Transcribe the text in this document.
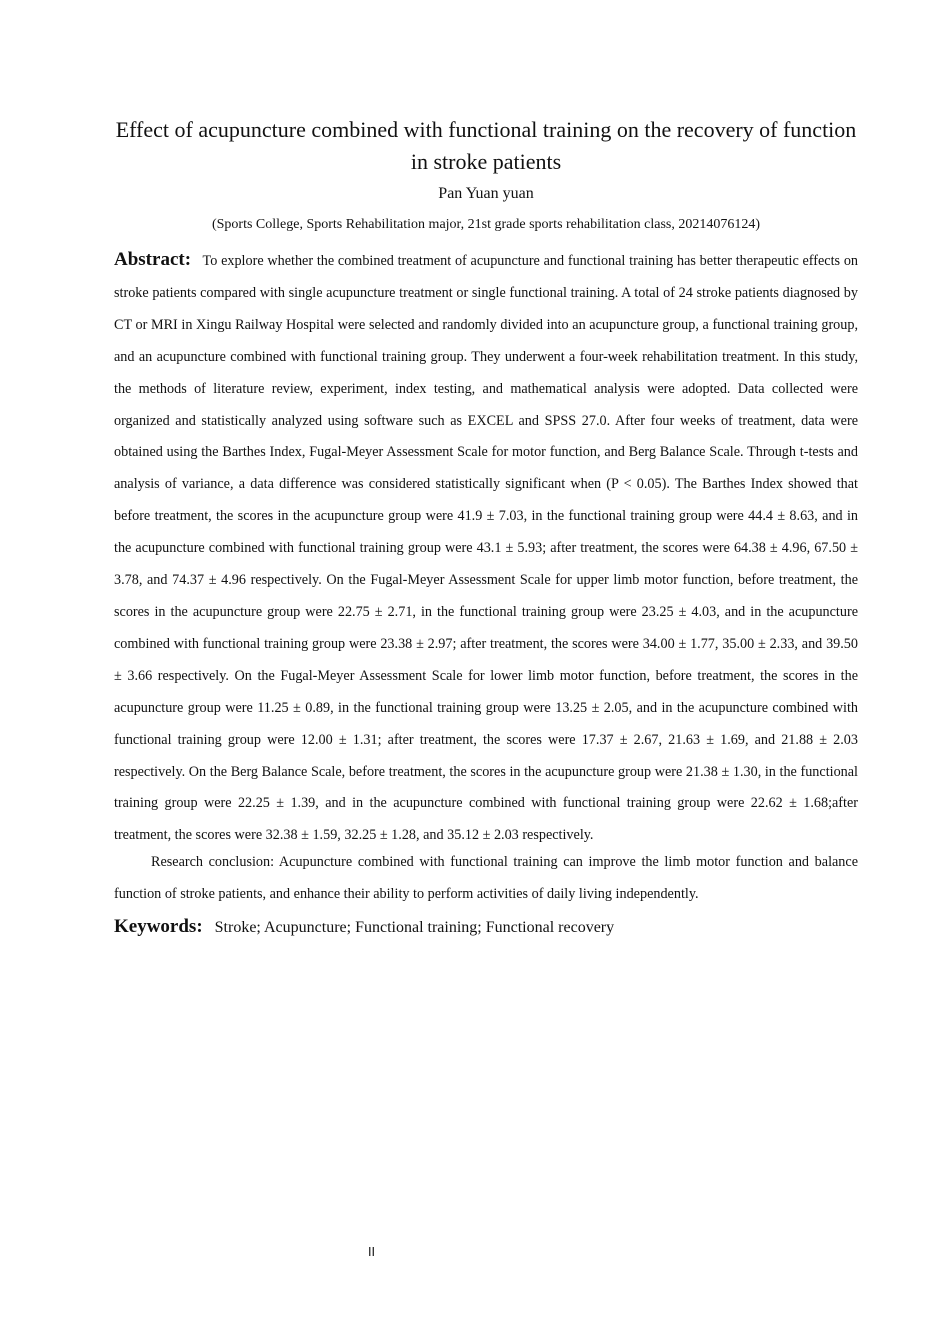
Effect of acupuncture combined with functional training on the recovery of function in stroke patients
Pan Yuan yuan
(Sports College, Sports Rehabilitation major, 21st grade sports rehabilitation class, 20214076124)

Abstract: To explore whether the combined treatment of acupuncture and functional training has better therapeutic effects on stroke patients compared with single acupuncture treatment or single functional training. A total of 24 stroke patients diagnosed by CT or MRI in Xingu Railway Hospital were selected and randomly divided into an acupuncture group, a functional training group, and an acupuncture combined with functional training group. They underwent a four-week rehabilitation treatment. In this study, the methods of literature review, experiment, index testing, and mathematical analysis were adopted. Data collected were organized and statistically analyzed using software such as EXCEL and SPSS 27.0. After four weeks of treatment, data were obtained using the Barthes Index, Fugal-Meyer Assessment Scale for motor function, and Berg Balance Scale. Through t-tests and analysis of variance, a data difference was considered statistically significant when (P < 0.05). The Barthes Index showed that before treatment, the scores in the acupuncture group were 41.9 ± 7.03, in the functional training group were 44.4 ± 8.63, and in the acupuncture combined with functional training group were 43.1 ± 5.93; after treatment, the scores were 64.38 ± 4.96, 67.50 ± 3.78, and 74.37 ± 4.96 respectively. On the Fugal-Meyer Assessment Scale for upper limb motor function, before treatment, the scores in the acupuncture group were 22.75 ± 2.71, in the functional training group were 23.25 ± 4.03, and in the acupuncture combined with functional training group were 23.38 ± 2.97; after treatment, the scores were 34.00 ± 1.77, 35.00 ± 2.33, and 39.50 ± 3.66 respectively. On the Fugal-Meyer Assessment Scale for lower limb motor function, before treatment, the scores in the acupuncture group were 11.25 ± 0.89, in the functional training group were 13.25 ± 2.05, and in the acupuncture combined with functional training group were 12.00 ± 1.31; after treatment, the scores were 17.37 ± 2.67, 21.63 ± 1.69, and 21.88 ± 2.03 respectively. On the Berg Balance Scale, before treatment, the scores in the acupuncture group were 21.38 ± 1.30, in the functional training group were 22.25 ± 1.39, and in the acupuncture combined with functional training group were 22.62 ± 1.68;after treatment, the scores were 32.38 ± 1.59, 32.25 ± 1.28, and 35.12 ± 2.03 respectively.

Research conclusion: Acupuncture combined with functional training can improve the limb motor function and balance function of stroke patients, and enhance their ability to perform activities of daily living independently.

Keywords: Stroke; Acupuncture; Functional training; Functional recovery

II
